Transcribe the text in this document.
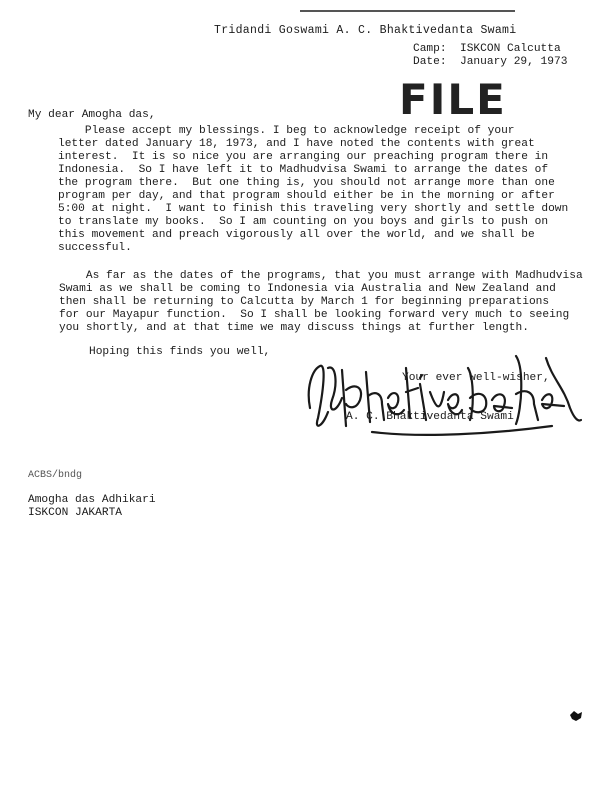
Tridandi Goswami A. C. Bhaktivedanta Swami
Camp:  ISKCON Calcutta
Date:  January 29, 1973
FILE
My dear Amogha das,
Please accept my blessings. I beg to acknowledge receipt of your
letter dated January 18, 1973, and I have noted the contents with great
interest.  It is so nice you are arranging our preaching program there in
Indonesia.  So I have left it to Madhudvisa Swami to arrange the dates of
the program there.  But one thing is, you should not arrange more than one
program per day, and that program should either be in the morning or after
5:00 at night.  I want to finish this traveling very shortly and settle down
to translate my books.  So I am counting on you boys and girls to push on
this movement and preach vigorously all over the world, and we shall be
successful.
As far as the dates of the programs, that you must arrange with Madhudvisa
Swami as we shall be coming to Indonesia via Australia and New Zealand and
then shall be returning to Calcutta by March 1 for beginning preparations
for our Mayapur function.  So I shall be looking forward very much to seeing
you shortly, and at that time we may discuss things at further length.
Hoping this finds you well,
Your ever well-wisher,
A. C. Bhaktivedanta Swami
ACBS/bndg
Amogha das Adhikari
ISKCON JAKARTA
